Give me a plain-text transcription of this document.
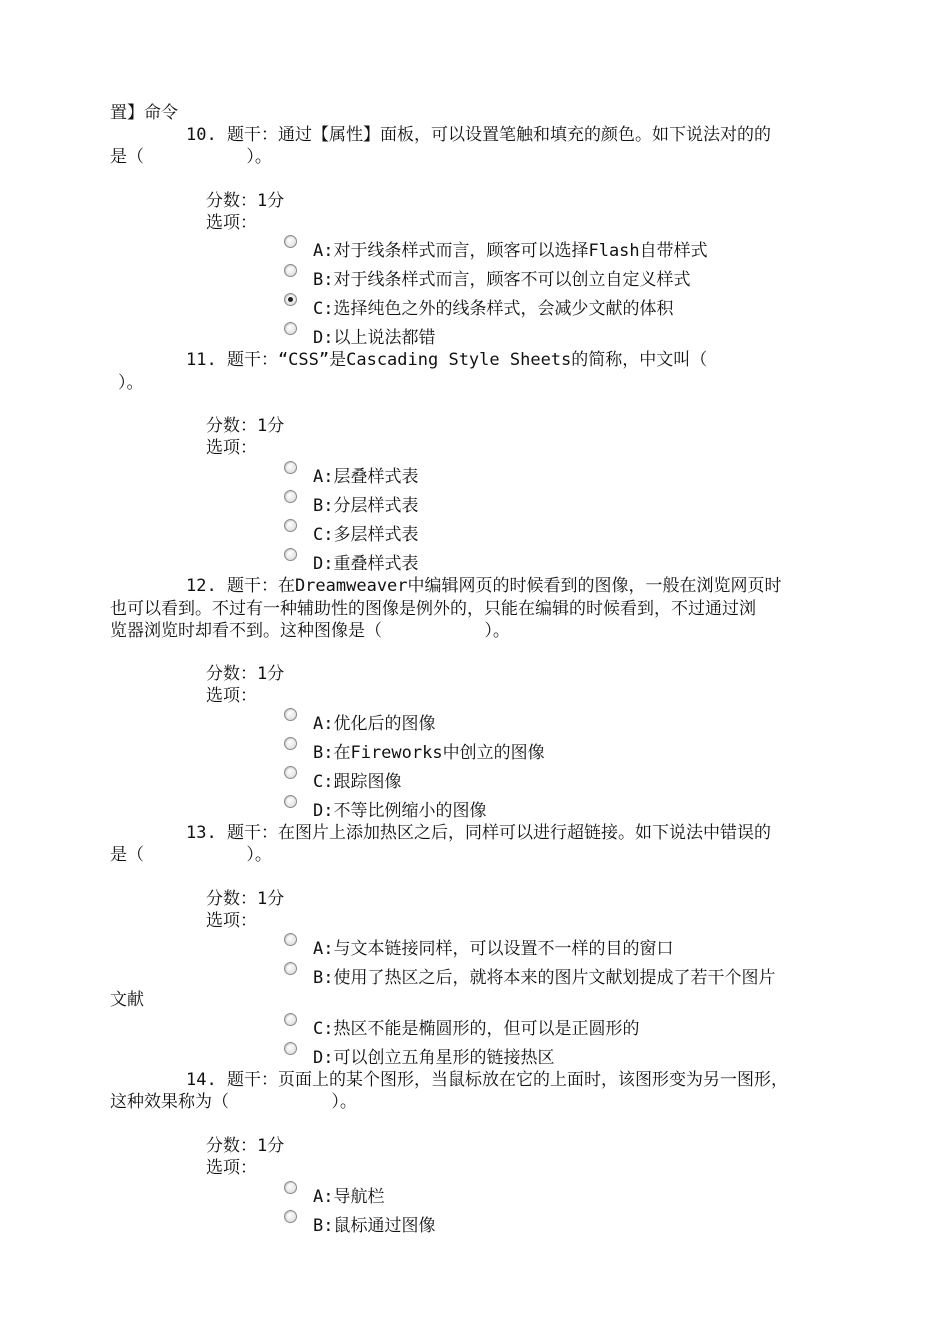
置】命令
10. 题干：通过【属性】面板，可以设置笔触和填充的颜色。如下说法对的的
是（          ）。
分数：1分
选项：
A:对于线条样式而言，顾客可以选择Flash自带样式
B:对于线条样式而言，顾客不可以创立自定义样式
C:选择纯色之外的线条样式，会减少文献的体积
D:以上说法都错
11. 题干：“CSS”是Cascading Style Sheets的简称，中文叫（
）。
分数：1分
选项：
A:层叠样式表
B:分层样式表
C:多层样式表
D:重叠样式表
12. 题干：在Dreamweaver中编辑网页的时候看到的图像，一般在浏览网页时
也可以看到。不过有一种辅助性的图像是例外的，只能在编辑的时候看到，不过通过浏
览器浏览时却看不到。这种图像是（          ）。
分数：1分
选项：
A:优化后的图像
B:在Fireworks中创立的图像
C:跟踪图像
D:不等比例缩小的图像
13. 题干：在图片上添加热区之后，同样可以进行超链接。如下说法中错误的
是（          ）。
分数：1分
选项：
A:与文本链接同样，可以设置不一样的目的窗口
B:使用了热区之后，就将本来的图片文献划提成了若干个图片
文献
C:热区不能是椭圆形的，但可以是正圆形的
D:可以创立五角星形的链接热区
14. 题干：页面上的某个图形，当鼠标放在它的上面时，该图形变为另一图形，
这种效果称为（          ）。
分数：1分
选项：
A:导航栏
B:鼠标通过图像
